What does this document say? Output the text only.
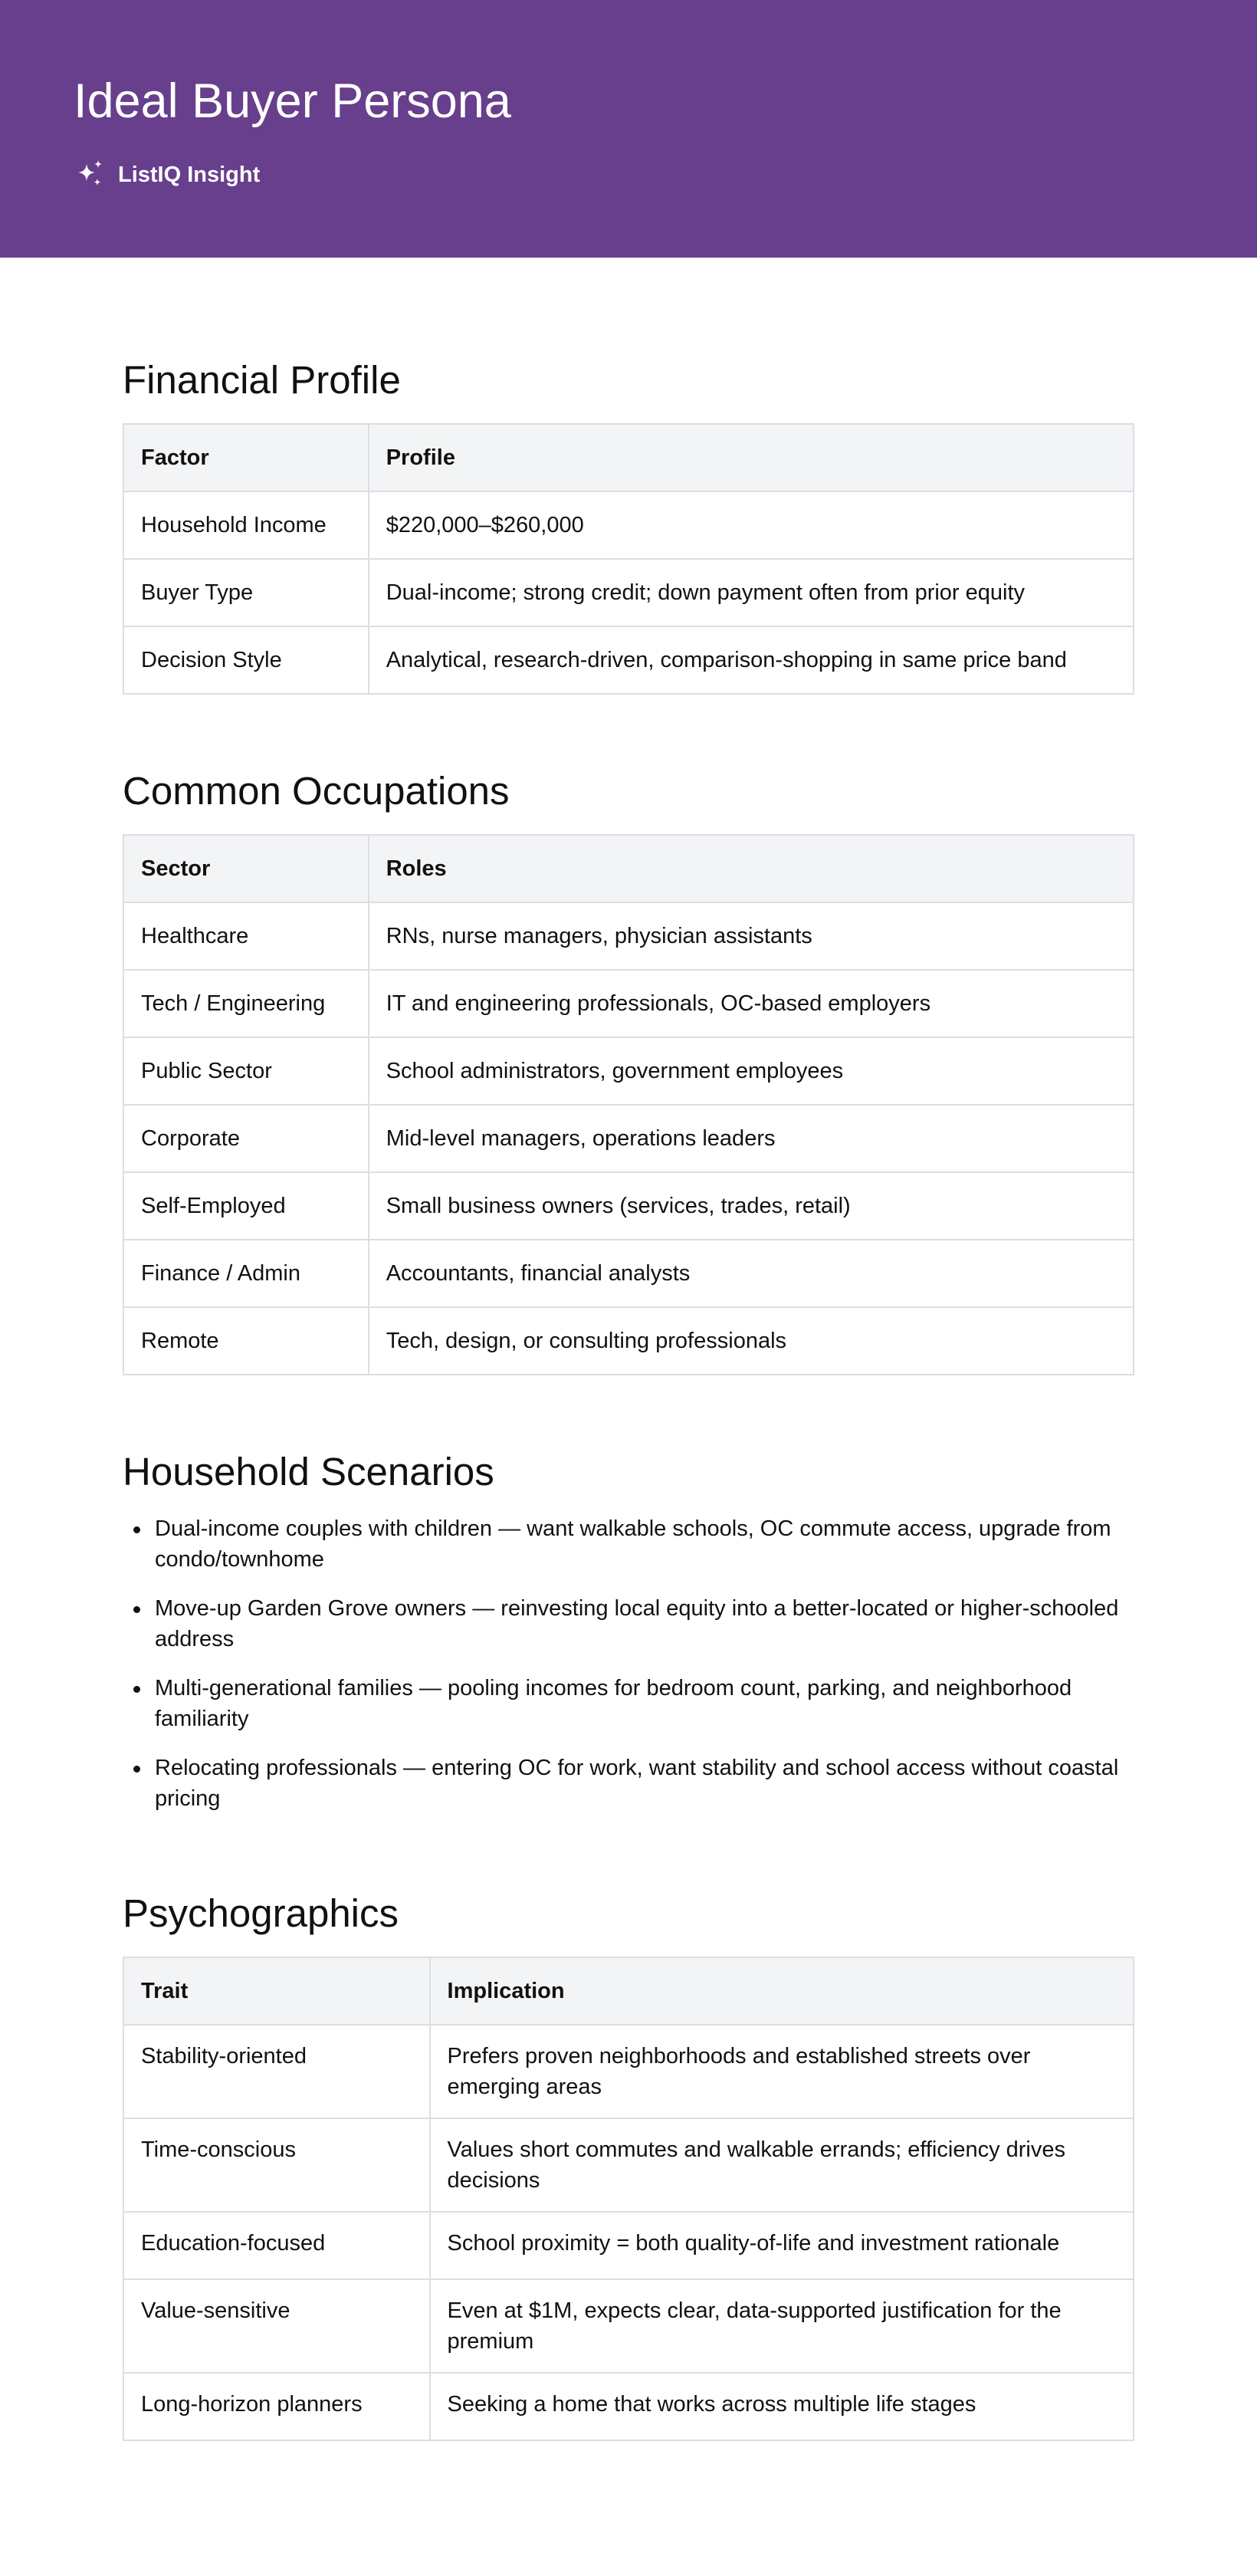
Ideal Buyer Persona
ListIQ Insight
Financial Profile
Factor	Profile
Household Income	$220,000–$260,000
Buyer Type	Dual-income; strong credit; down payment often from prior equity
Decision Style	Analytical, research-driven, comparison-shopping in same price band
Common Occupations
Sector	Roles
Healthcare	RNs, nurse managers, physician assistants
Tech / Engineering	IT and engineering professionals, OC-based employers
Public Sector	School administrators, government employees
Corporate	Mid-level managers, operations leaders
Self-Employed	Small business owners (services, trades, retail)
Finance / Admin	Accountants, financial analysts
Remote	Tech, design, or consulting professionals
Household Scenarios
Dual-income couples with children — want walkable schools, OC commute access, upgrade from condo/townhome
Move-up Garden Grove owners — reinvesting local equity into a better-located or higher-schooled address
Multi-generational families — pooling incomes for bedroom count, parking, and neighborhood familiarity
Relocating professionals — entering OC for work, want stability and school access without coastal pricing
Psychographics
Trait	Implication
Stability-oriented	Prefers proven neighborhoods and established streets over emerging areas
Time-conscious	Values short commutes and walkable errands; efficiency drives decisions
Education-focused	School proximity = both quality-of-life and investment rationale
Value-sensitive	Even at $1M, expects clear, data-supported justification for the premium
Long-horizon planners	Seeking a home that works across multiple life stages
